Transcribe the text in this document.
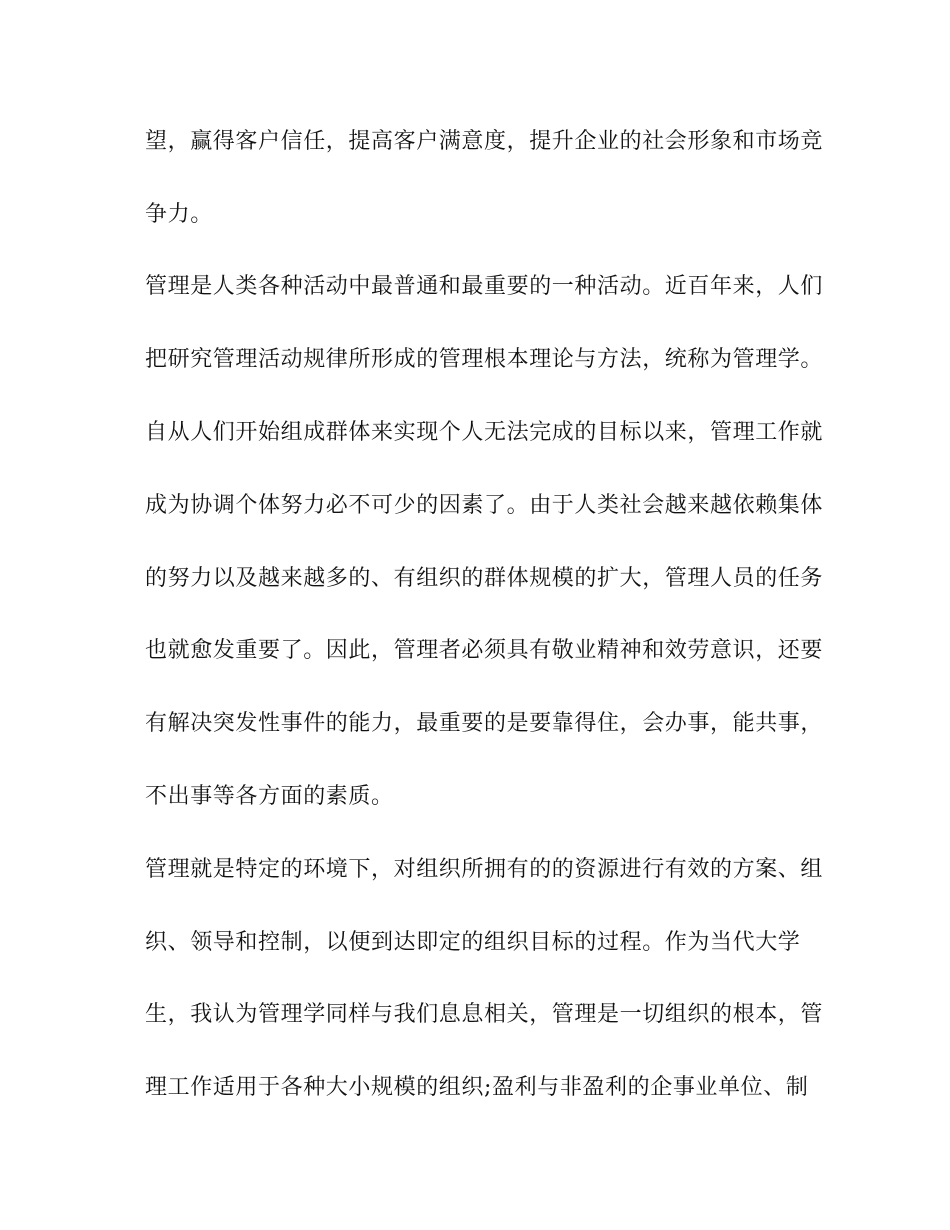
望，赢得客户信任，提高客户满意度，提升企业的社会形象和市场竞
争力。
管理是人类各种活动中最普通和最重要的一种活动。近百年来，人们
把研究管理活动规律所形成的管理根本理论与方法，统称为管理学。
自从人们开始组成群体来实现个人无法完成的目标以来，管理工作就
成为协调个体努力必不可少的因素了。由于人类社会越来越依赖集体
的努力以及越来越多的、有组织的群体规模的扩大，管理人员的任务
也就愈发重要了。因此，管理者必须具有敬业精神和效劳意识，还要
有解决突发性事件的能力，最重要的是要靠得住，会办事，能共事，
不出事等各方面的素质。
管理就是特定的环境下，对组织所拥有的的资源进行有效的方案、组
织、领导和控制，以便到达即定的组织目标的过程。作为当代大学
生，我认为管理学同样与我们息息相关，管理是一切组织的根本，管
理工作适用于各种大小规模的组织;盈利与非盈利的企事业单位、制
